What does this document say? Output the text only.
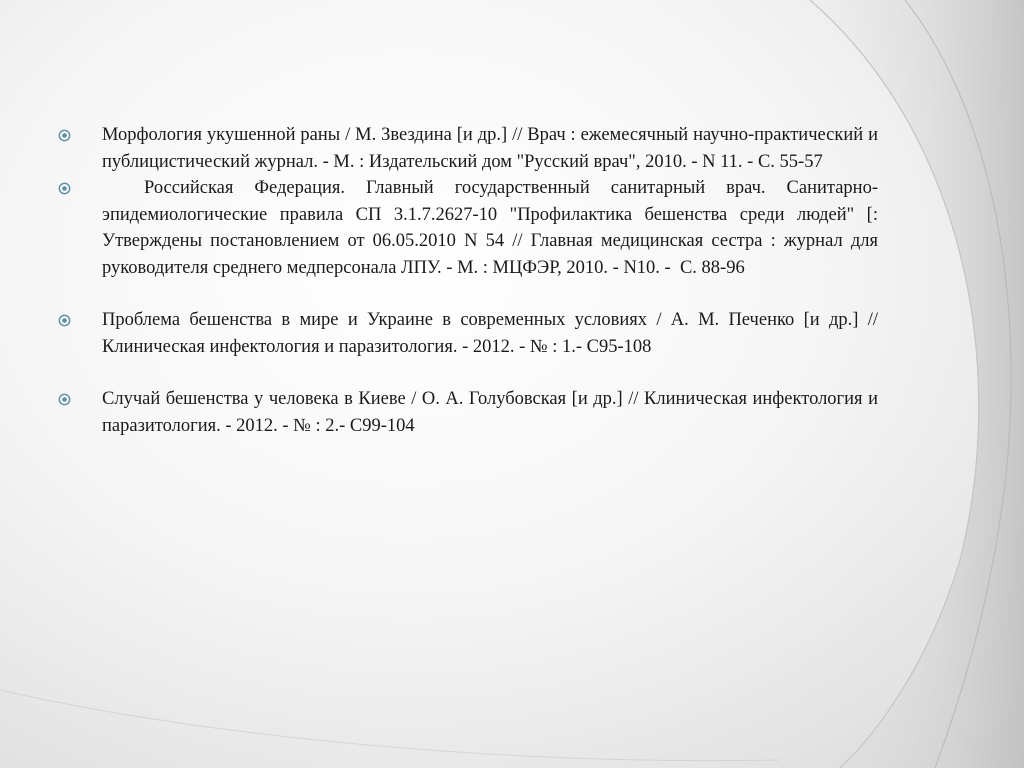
Морфология укушенной раны / М. Звездина [и др.] // Врач : ежемесячный научно-практический и публицистический журнал. - М. : Издательский дом "Русский врач", 2010. - N 11. - С. 55-57
Российская Федерация. Главный государственный санитарный врач. Санитарно-эпидемиологические правила СП 3.1.7.2627-10 "Профилактика бешенства среди людей" [: Утверждены постановлением от 06.05.2010 N 54 // Главная медицинская сестра : журнал для руководителя среднего медперсонала ЛПУ. - М. : МЦФЭР, 2010. - N10. -  С. 88-96
Проблема бешенства в мире и Украине в современных условиях / А. М. Печенко [и др.] // Клиническая инфектология и паразитология. - 2012. - № : 1.- С95-108
Случай бешенства у человека в Киеве / О. А. Голубовская [и др.] // Клиническая инфектология и паразитология. - 2012. - № : 2.- С99-104
